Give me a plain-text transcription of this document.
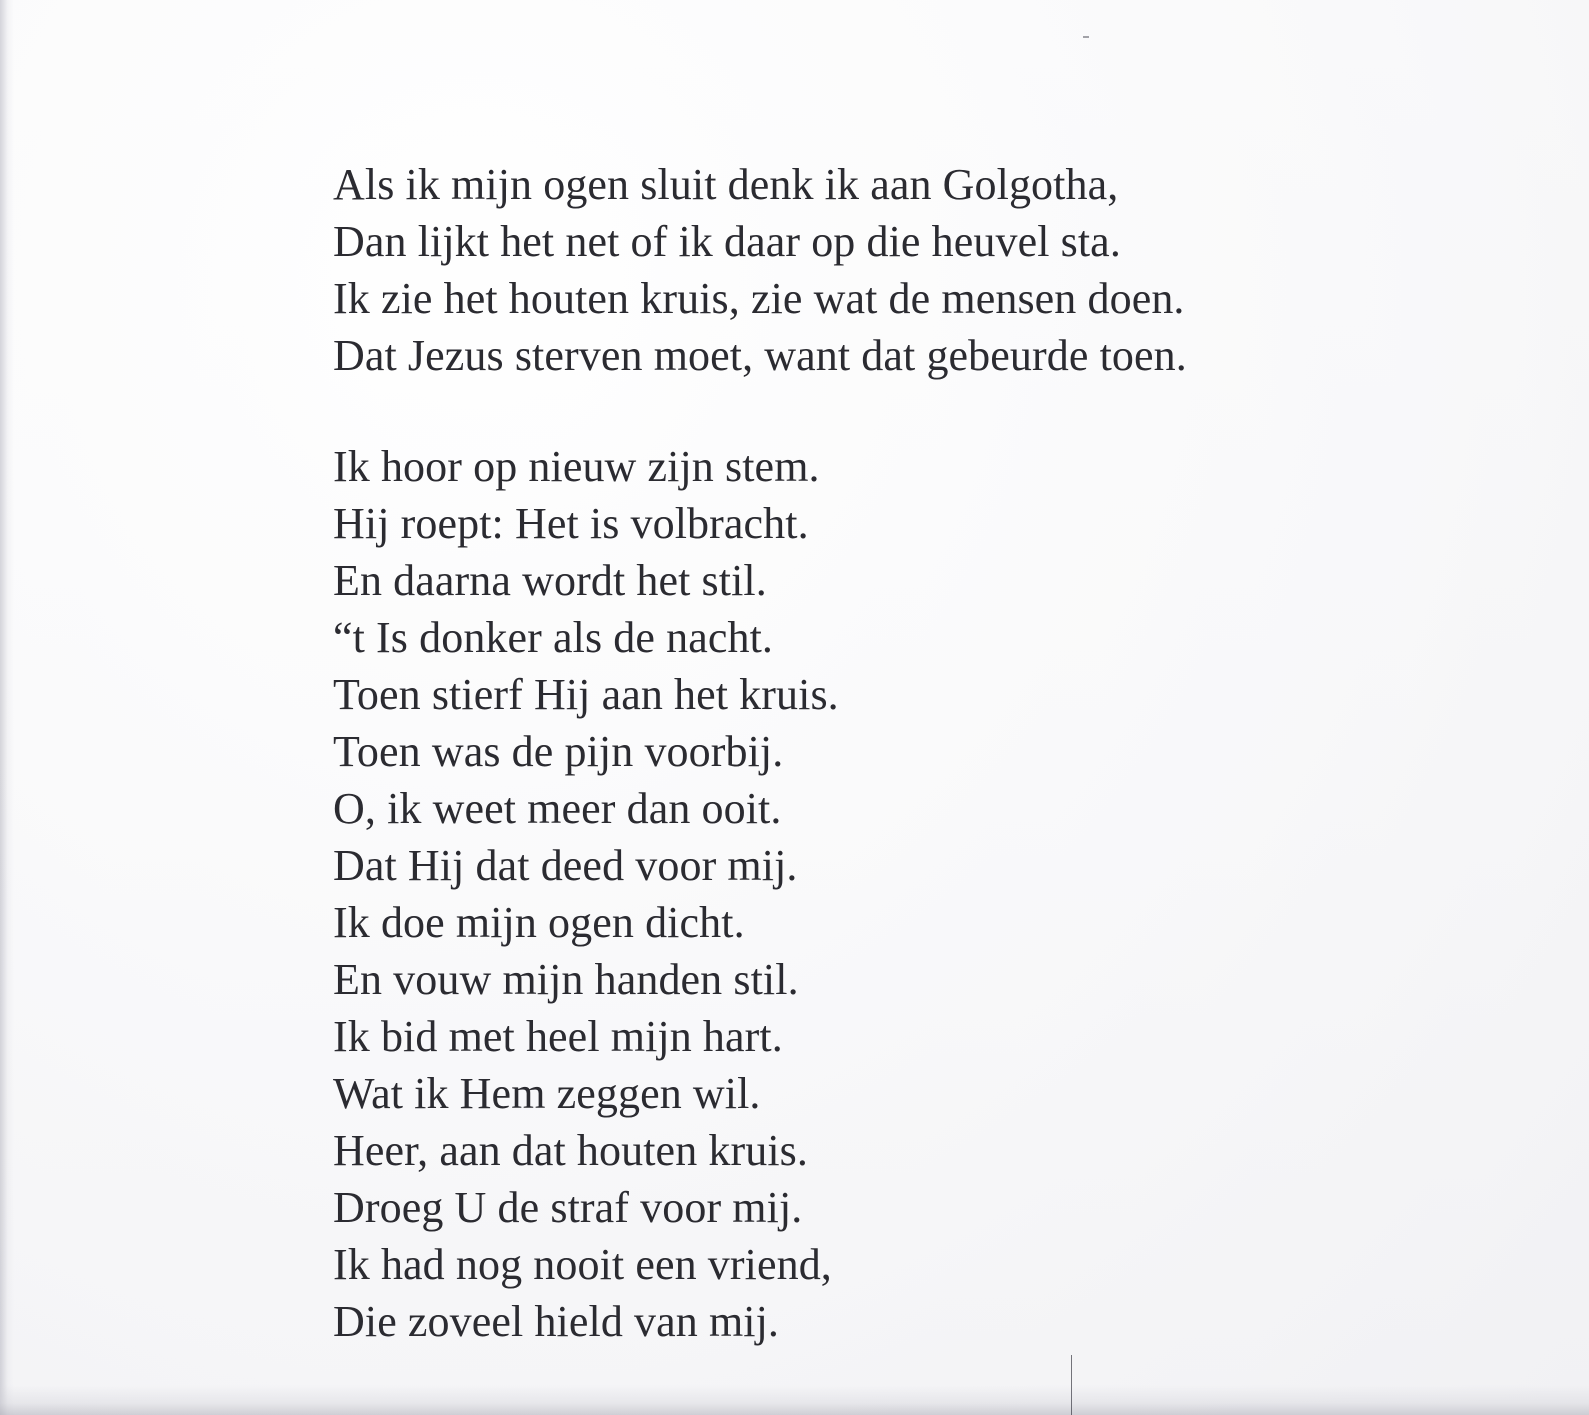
Als ik mijn ogen sluit denk ik aan Golgotha,
Dan lijkt het net of ik daar op die heuvel sta.
Ik zie het houten kruis, zie wat de mensen doen.
Dat Jezus sterven moet, want dat gebeurde toen.
Ik hoor op nieuw zijn stem.
Hij roept: Het is volbracht.
En daarna wordt het stil.
“t Is donker als de nacht.
Toen stierf Hij aan het kruis.
Toen was de pijn voorbij.
O, ik weet meer dan ooit.
Dat Hij dat deed voor mij.
Ik doe mijn ogen dicht.
En vouw mijn handen stil.
Ik bid met heel mijn hart.
Wat ik Hem zeggen wil.
Heer, aan dat houten kruis.
Droeg U de straf voor mij.
Ik had nog nooit een vriend,
Die zoveel hield van mij.
